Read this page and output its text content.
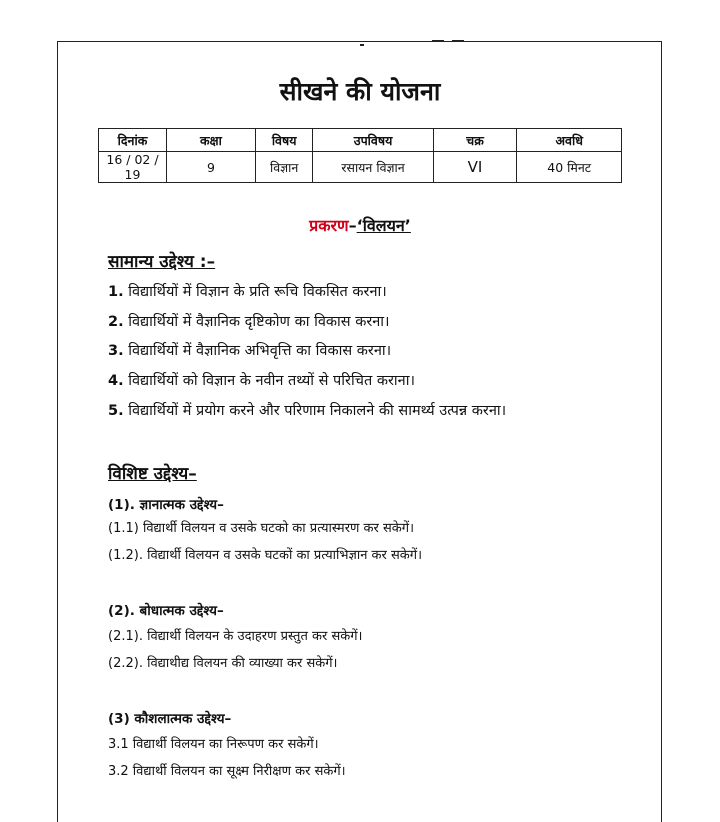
सीखने की योजना
दिनांक	कक्षा	विषय	उपविषय	चक्र	अवधि
16 / 02 / 19	9	विज्ञान	रसायन विज्ञान	VI	40 मिनट
प्रकरण–‘विलयन’
सामान्य उद्देश्य :–
1. विद्यार्थियों में विज्ञान के प्रति रूचि विकसित करना।
2. विद्यार्थियों में वैज्ञानिक दृष्टिकोण का विकास करना।
3. विद्यार्थियों में वैज्ञानिक अभिवृत्ति का विकास करना।
4. विद्यार्थियों को विज्ञान के नवीन तथ्यों से परिचित कराना।
5. विद्यार्थियों में प्रयोग करने और परिणाम निकालने की सामर्थ्य उत्पन्न करना।
विशिष्ट उद्देश्य–
(1). ज्ञानात्मक उद्देश्य–
(1.1) विद्यार्थी विलयन व उसके घटको का प्रत्यास्मरण कर सकेगें।
(1.2). विद्यार्थी विलयन व उसके घटकों का प्रत्याभिज्ञान कर सकेगें।
(2). बोधात्मक उद्देश्य–
(2.1). विद्यार्थी विलयन के उदाहरण प्रस्तुत कर सकेगें।
(2.2). विद्याथीद्य विलयन की व्याख्या कर सकेगें।
(3) कौशलात्मक उद्देश्य–
3.1 विद्यार्थी विलयन का निरूपण कर सकेगें।
3.2 विद्यार्थी विलयन का सूक्ष्म निरीक्षण कर सकेगें।
